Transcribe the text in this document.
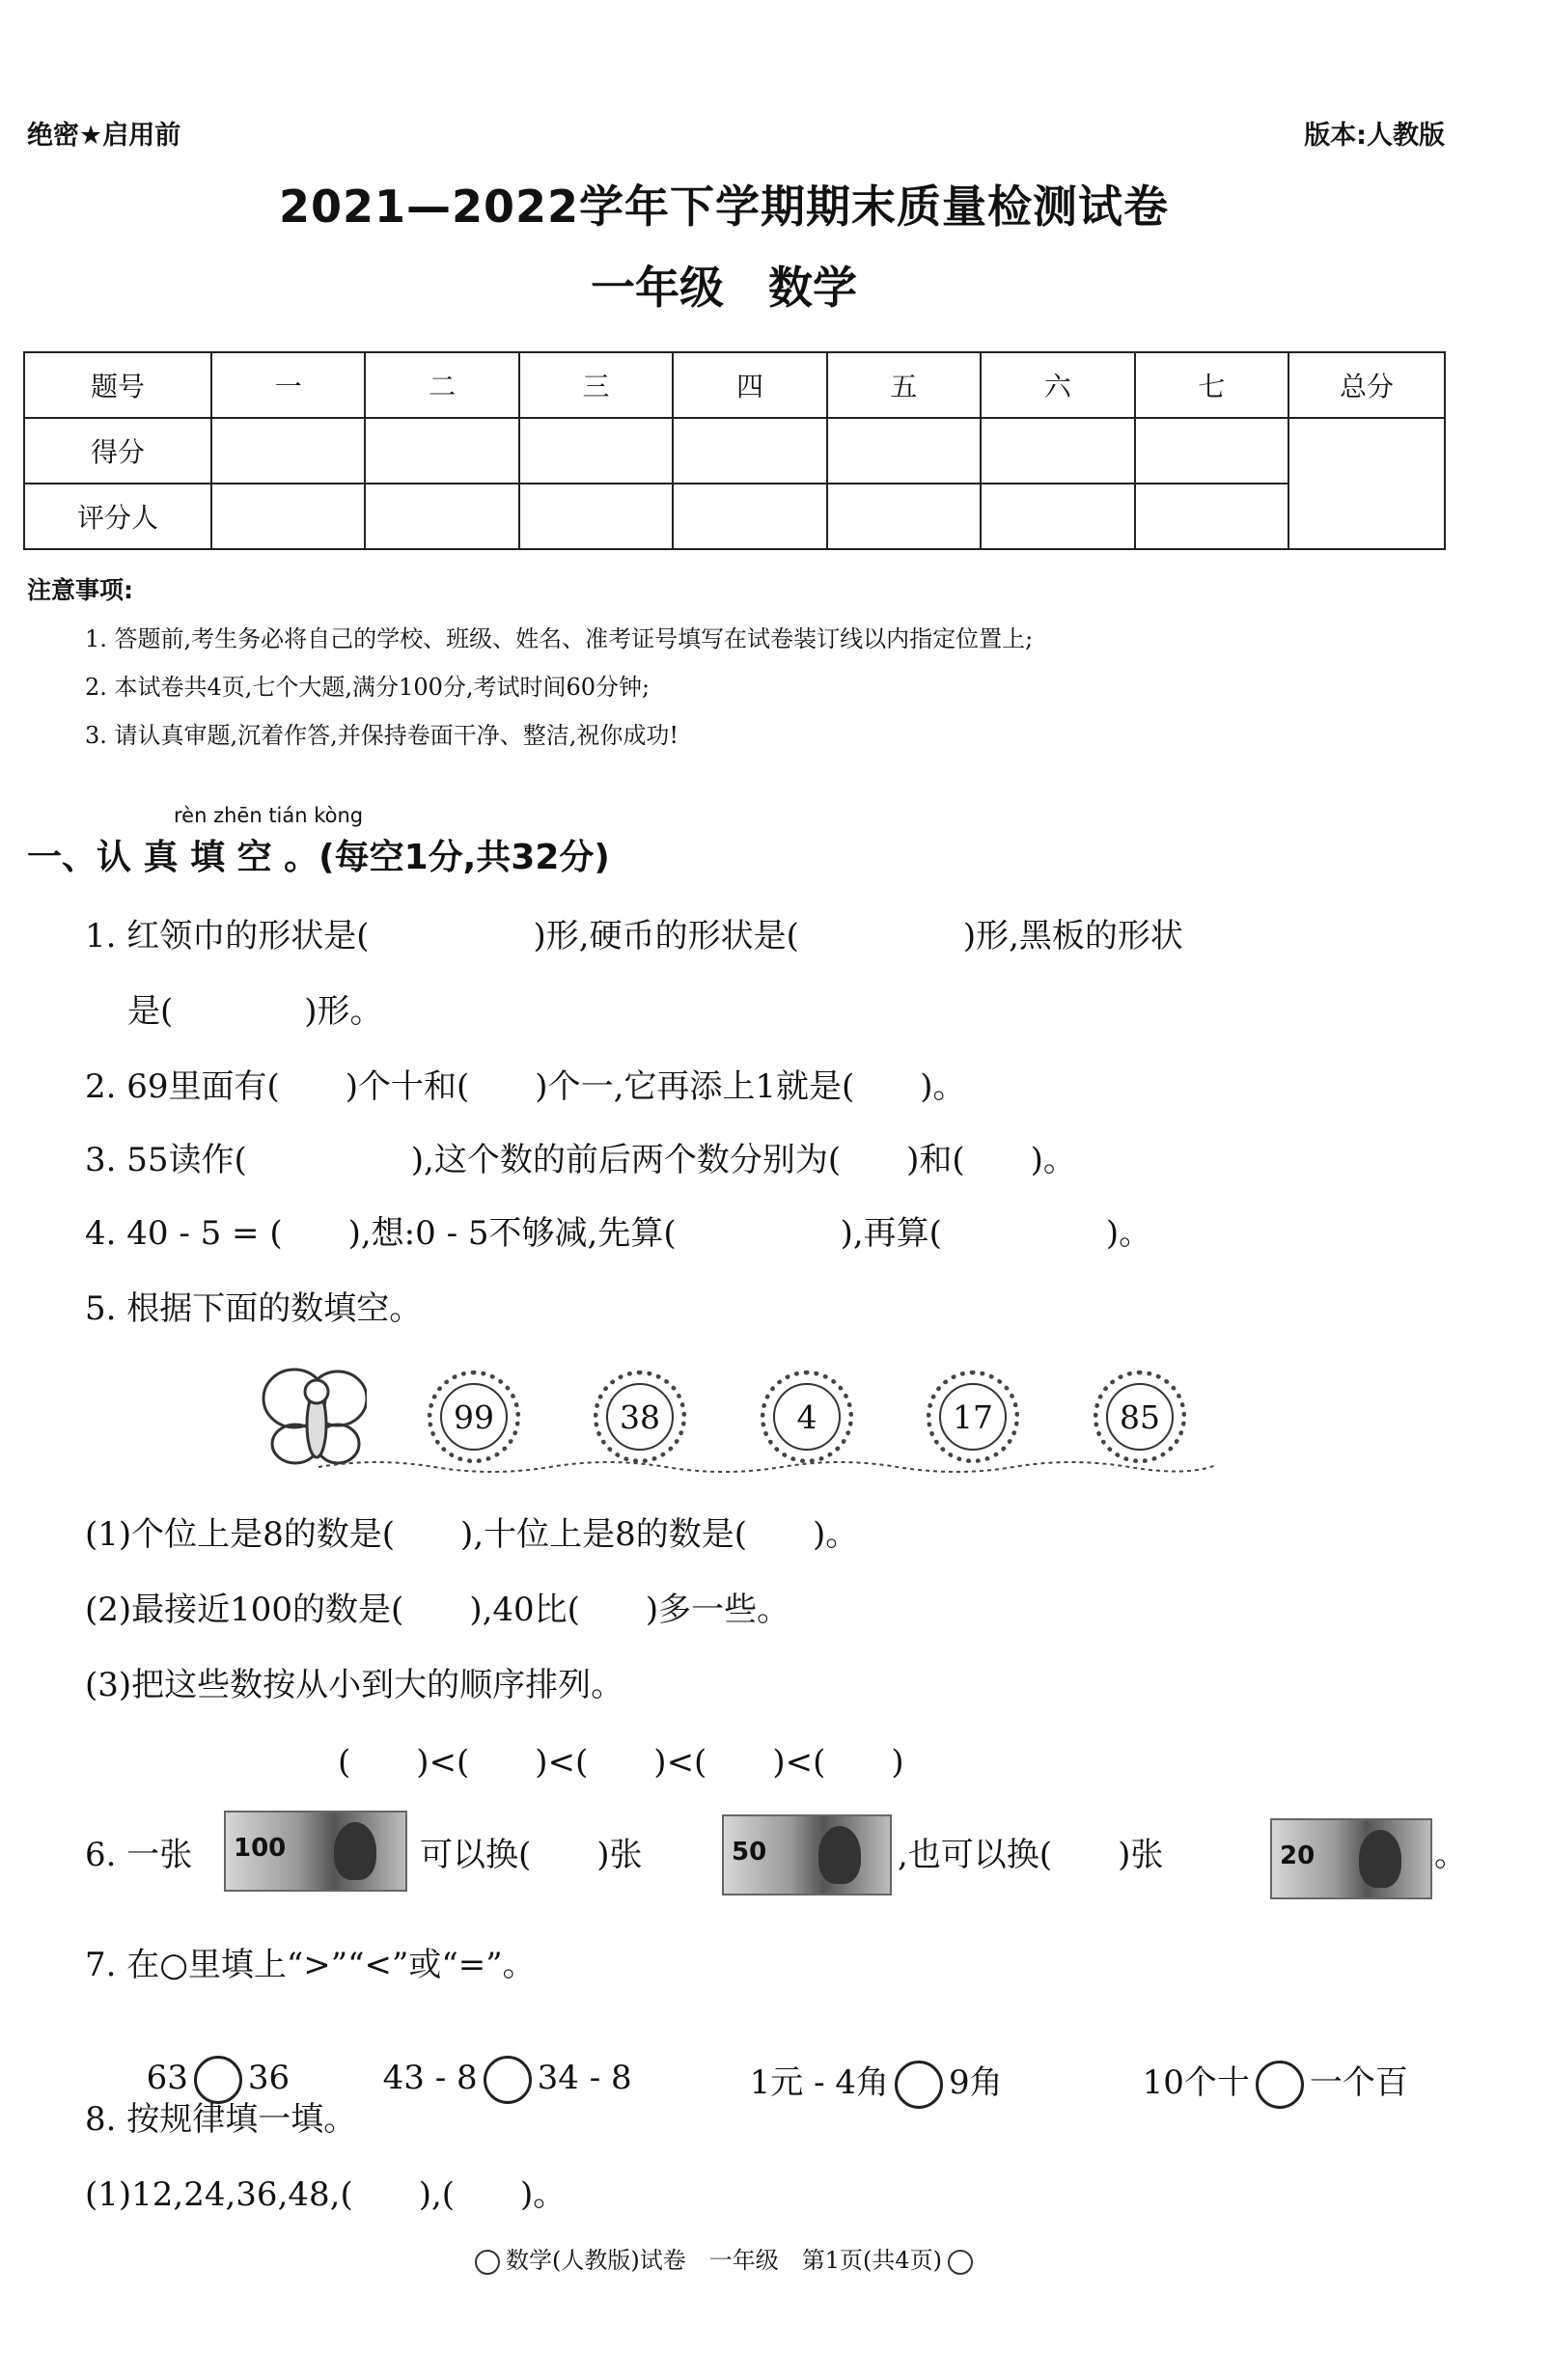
绝密★启用前	版本:人教版
2021—2022学年下学期期末质量检测试卷
一年级　数学
题号	一	二	三	四	五	六	七	总分
得分								
评分人								
注意事项:
1. 答题前,考生务必将自己的学校、班级、姓名、准考证号填写在试卷装订线以内指定位置上;
2. 本试卷共4页,七个大题,满分100分,考试时间60分钟;
3. 请认真审题,沉着作答,并保持卷面干净、整洁,祝你成功!
rèn zhēn tián kòng
一、认 真 填 空 。(每空1分,共32分)
1. 红领巾的形状是(　　　　　)形,硬币的形状是(　　　　　)形,黑板的形状
是(　　　　)形。
2. 69里面有(　　)个十和(　　)个一,它再添上1就是(　　)。
3. 55读作(　　　　　),这个数的前后两个数分别为(　　)和(　　)。
4. 40 - 5 = (　　),想:0 - 5不够减,先算(　　　　　),再算(　　　　　)。
5. 根据下面的数填空。
99	38	4	17	85
(1)个位上是8的数是(　　),十位上是8的数是(　　)。
(2)最接近100的数是(　　),40比(　　)多一些。
(3)把这些数按从小到大的顺序排列。
(　　)<(　　)<(　　)<(　　)<(　　)
6. 一张 100	可以换(　　)张	50	,也可以换(　　)张	20	。
7. 在○里填上“>”“<”或“=”。

63 36	43 - 8 34 - 8	1元 - 4角 9角	10个十 一个百

8. 按规律填一填。
(1)12,24,36,48,(　　),(　　)。
数学(人教版)试卷　一年级　第1页(共4页)
